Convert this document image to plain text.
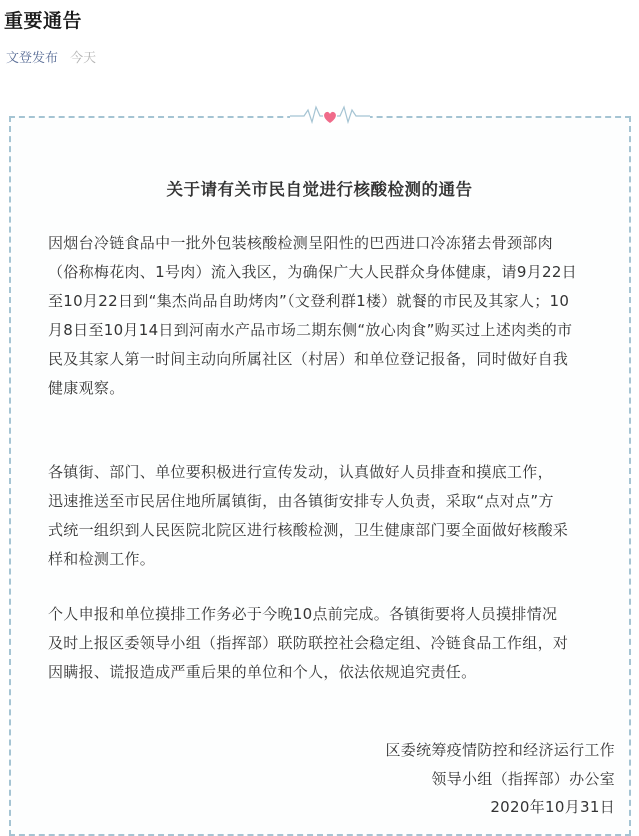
重要通告
文登发布 今天
关于请有关市民自觉进行核酸检测的通告
因烟台冷链食品中一批外包装核酸检测呈阳性的巴西进口冷冻猪去骨颈部肉
（俗称梅花肉、1号肉）流入我区，为确保广大人民群众身体健康，请9月22日
至10月22日到“集杰尚品自助烤肉”（文登利群1楼）就餐的市民及其家人；10
月8日至10月14日到河南水产品市场二期东侧“放心肉食”购买过上述肉类的市
民及其家人第一时间主动向所属社区（村居）和单位登记报备，同时做好自我
健康观察。
各镇街、部门、单位要积极进行宣传发动，认真做好人员排查和摸底工作，
迅速推送至市民居住地所属镇街，由各镇街安排专人负责，采取“点对点”方
式统一组织到人民医院北院区进行核酸检测，卫生健康部门要全面做好核酸采
样和检测工作。
个人申报和单位摸排工作务必于今晚10点前完成。各镇街要将人员摸排情况
及时上报区委领导小组（指挥部）联防联控社会稳定组、冷链食品工作组，对
因瞒报、谎报造成严重后果的单位和个人，依法依规追究责任。
区委统筹疫情防控和经济运行工作
领导小组（指挥部）办公室
2020年10月31日
